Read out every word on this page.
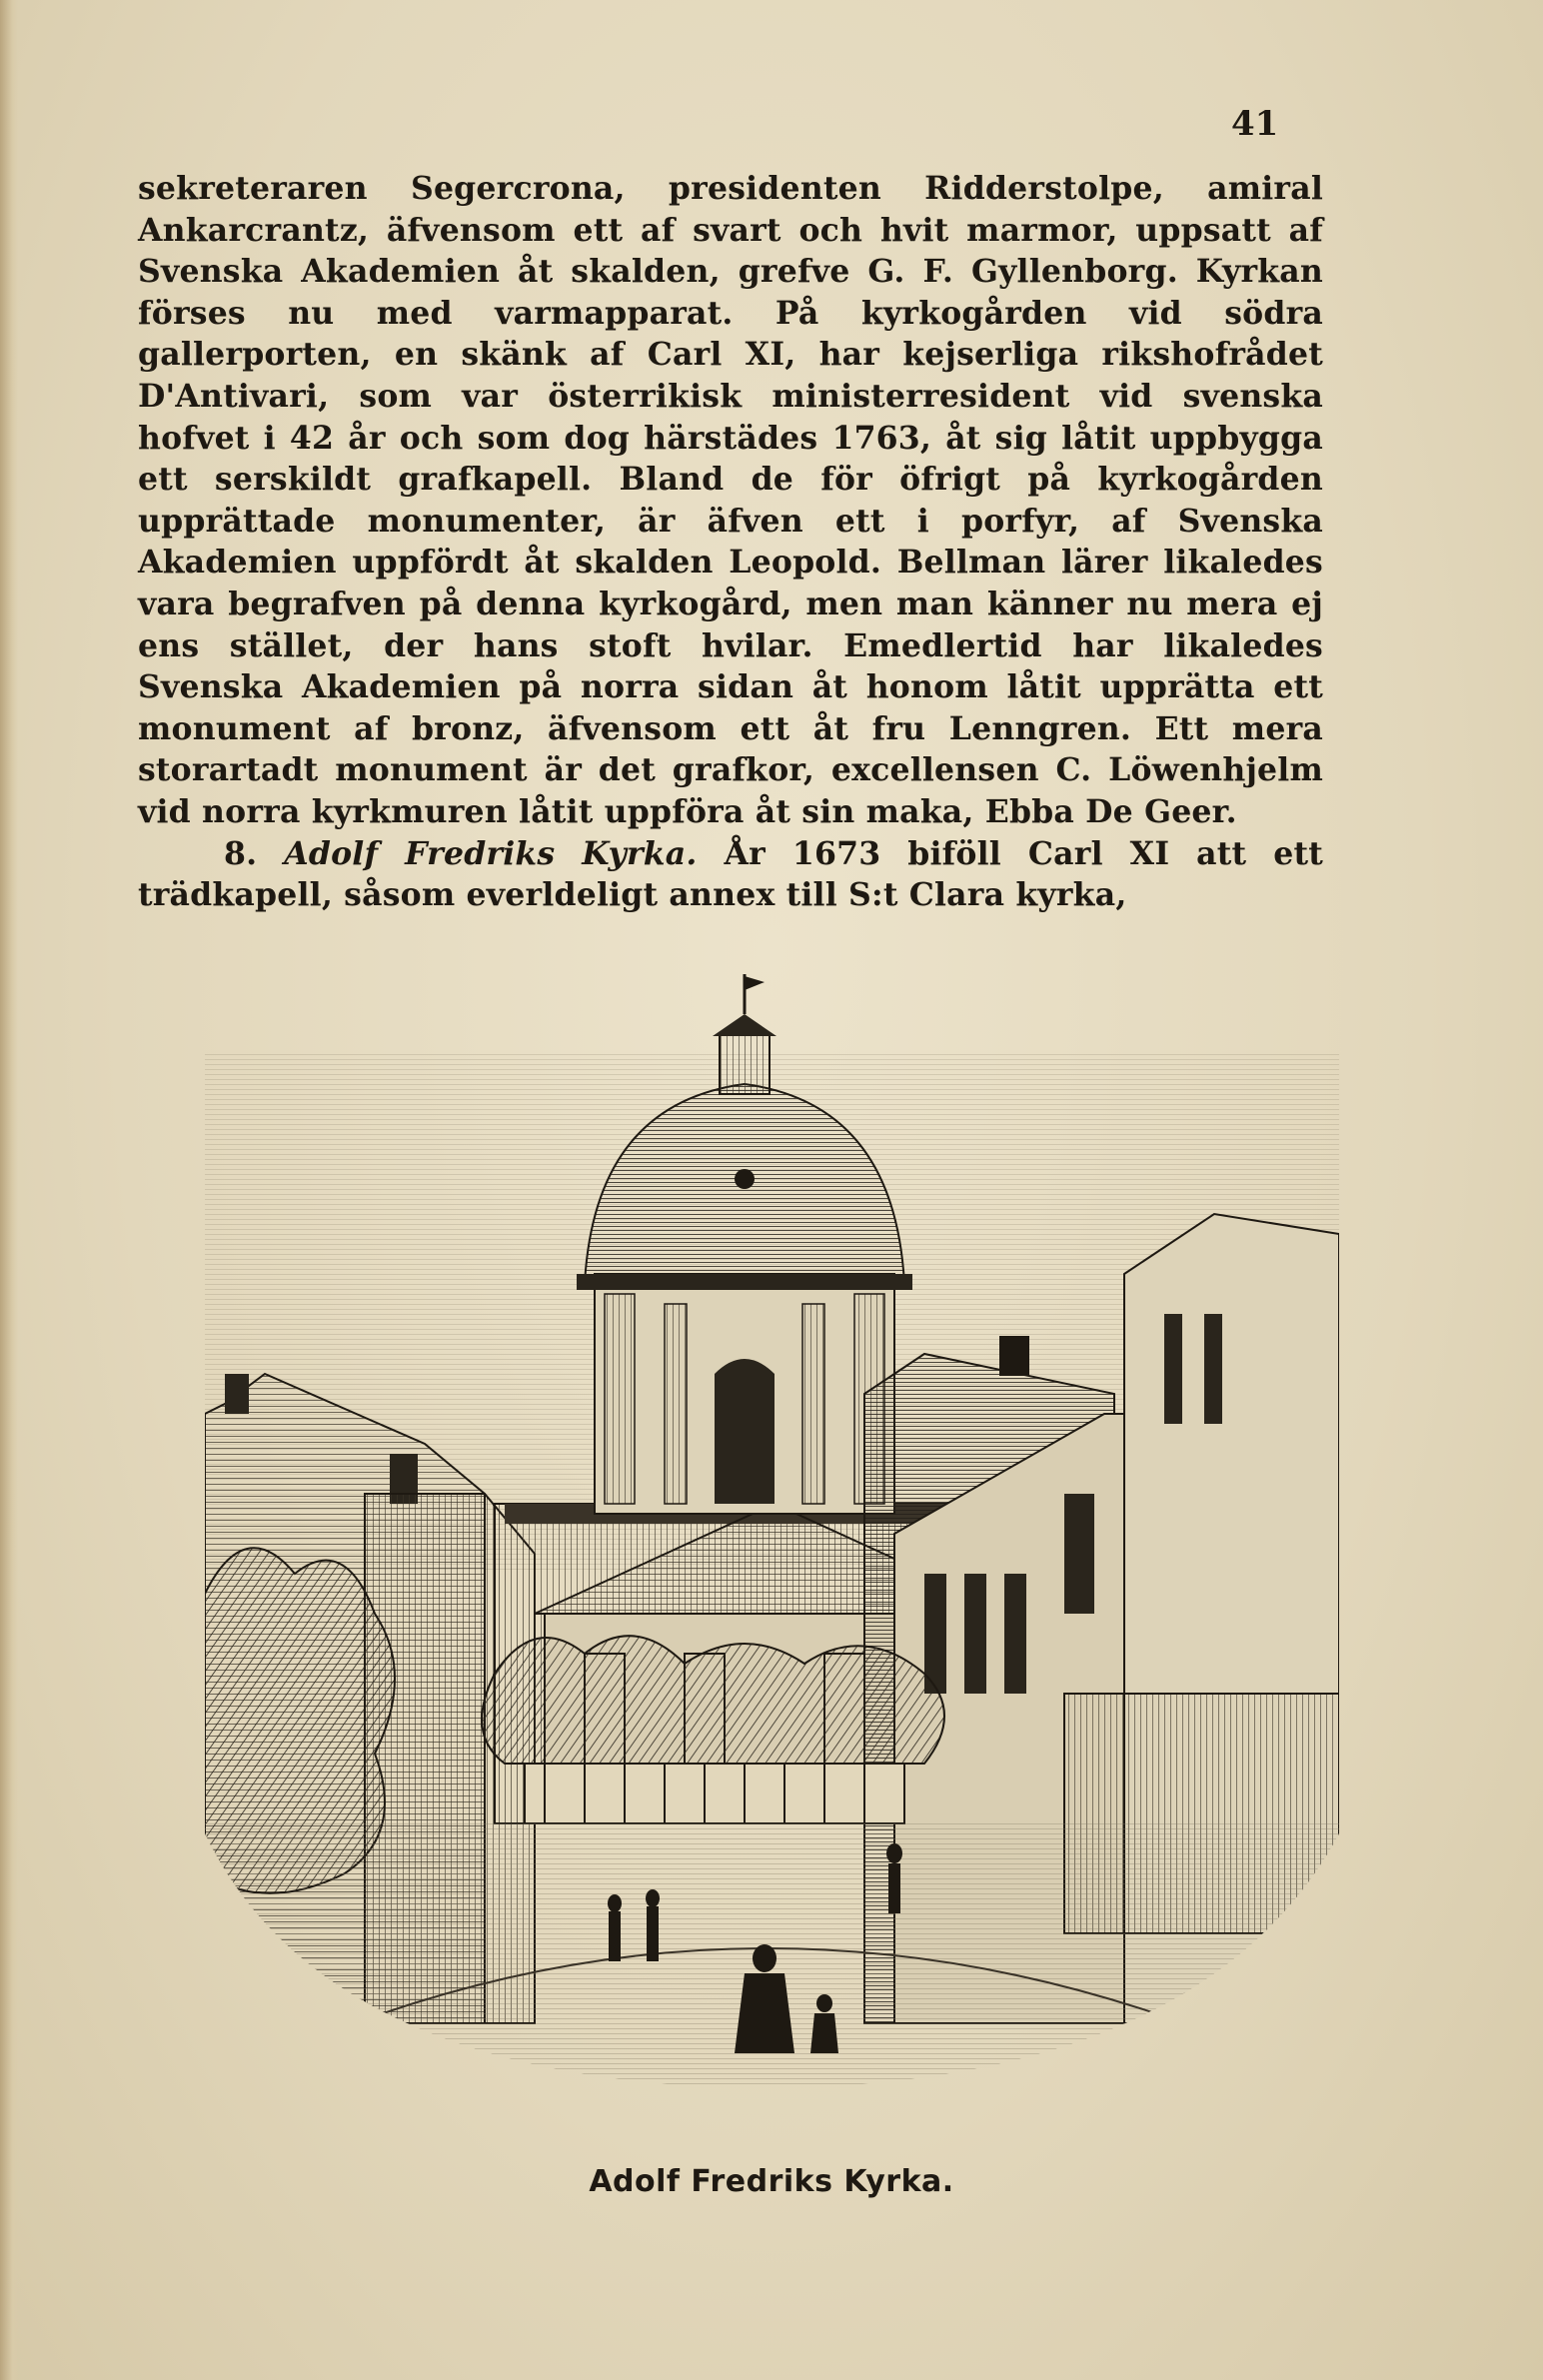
41

sekreteraren Segercrona, presidenten Ridderstolpe, amiral Ankarcrantz, äfvensom ett af svart och hvit marmor, uppsatt af Svenska Akademien åt skalden, grefve G. F. Gyllenborg. Kyrkan förses nu med varmapparat. På kyrkogården vid södra gallerporten, en skänk af Carl XI, har kejserliga rikshofrådet D'Antivari, som var österrikisk ministerresident vid svenska hofvet i 42 år och som dog härstädes 1763, åt sig låtit uppbygga ett serskildt grafkapell. Bland de för öfrigt på kyrkogården upprättade monumenter, är äfven ett i porfyr, af Svenska Akademien uppfördt åt skalden Leopold. Bellman lärer likaledes vara begrafven på denna kyrkogård, men man känner nu mera ej ens stället, der hans stoft hvilar. Emedlertid har likaledes Svenska Akademien på norra sidan åt honom låtit upprätta ett monument af bronz, äfvensom ett åt fru Lenngren. Ett mera storartadt monument är det grafkor, excellensen C. Löwenhjelm vid norra kyrkmuren låtit uppföra åt sin maka, Ebba De Geer.

8. Adolf Fredriks Kyrka. År 1673 biföll Carl XI att ett trädkapell, såsom everldeligt annex till S:t Clara kyrka,

Adolf Fredriks Kyrka.
